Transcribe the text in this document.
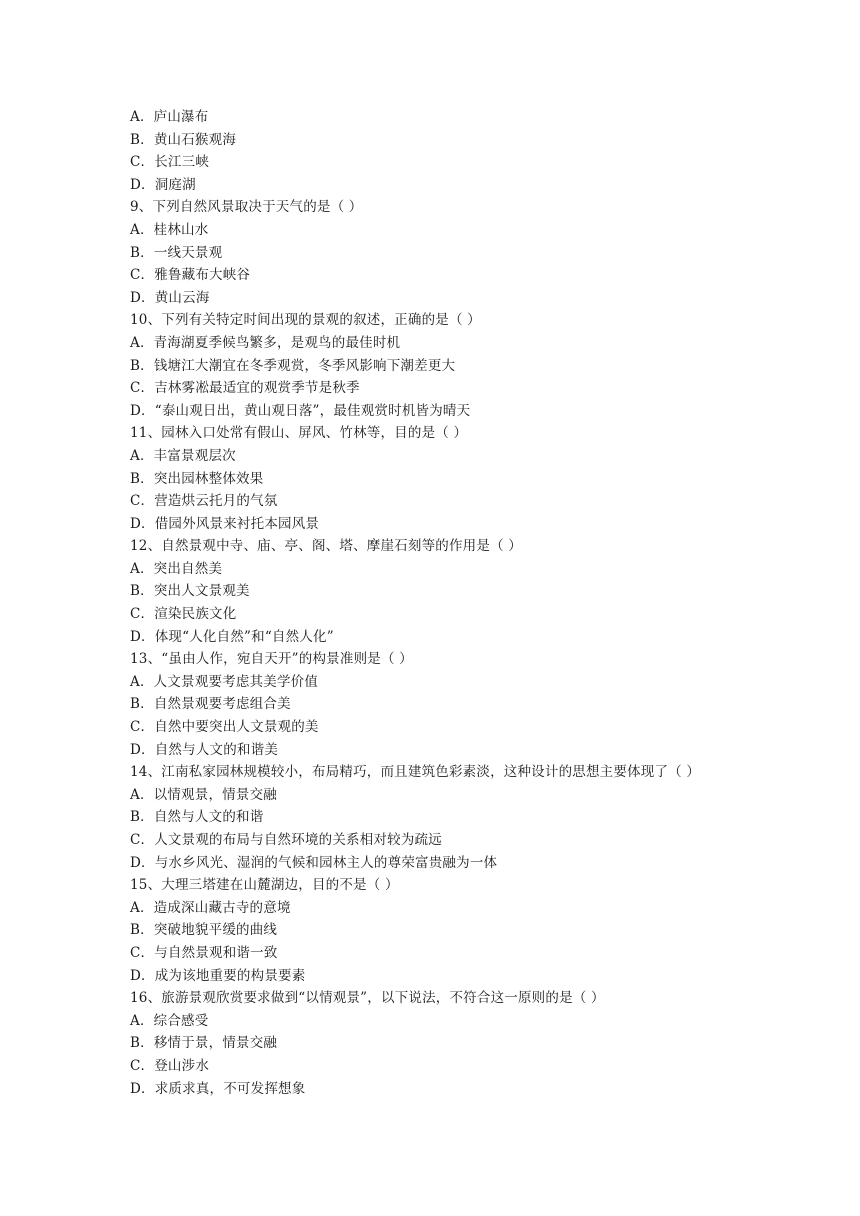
A．庐山瀑布
B．黄山石猴观海
C．长江三峡
D．洞庭湖
9、下列自然风景取决于天气的是（ ）
A．桂林山水
B．一线天景观
C．雅鲁藏布大峡谷
D．黄山云海
10、下列有关特定时间出现的景观的叙述，正确的是（ ）
A．青海湖夏季候鸟繁多，是观鸟的最佳时机
B．钱塘江大潮宜在冬季观赏，冬季风影响下潮差更大
C．吉林雾凇最适宜的观赏季节是秋季
D．“泰山观日出，黄山观日落”，最佳观赏时机皆为晴天
11、园林入口处常有假山、屏风、竹林等，目的是（ ）
A．丰富景观层次
B．突出园林整体效果
C．营造烘云托月的气氛
D．借园外风景来衬托本园风景
12、自然景观中寺、庙、亭、阁、塔、摩崖石刻等的作用是（ ）
A．突出自然美
B．突出人文景观美
C．渲染民族文化
D．体现“人化自然”和“自然人化”
13、“虽由人作，宛自天开”的构景准则是（ ）
A．人文景观要考虑其美学价值
B．自然景观要考虑组合美
C．自然中要突出人文景观的美
D．自然与人文的和谐美
14、江南私家园林规模较小，布局精巧，而且建筑色彩素淡，这种设计的思想主要体现了（ ）
A．以情观景，情景交融
B．自然与人文的和谐
C．人文景观的布局与自然环境的关系相对较为疏远
D．与水乡风光、湿润的气候和园林主人的尊荣富贵融为一体
15、大理三塔建在山麓湖边，目的不是（ ）
A．造成深山藏古寺的意境
B．突破地貌平缓的曲线
C．与自然景观和谐一致
D．成为该地重要的构景要素
16、旅游景观欣赏要求做到“以情观景”，以下说法，不符合这一原则的是（ ）
A．综合感受
B．移情于景，情景交融
C．登山涉水
D．求质求真，不可发挥想象
